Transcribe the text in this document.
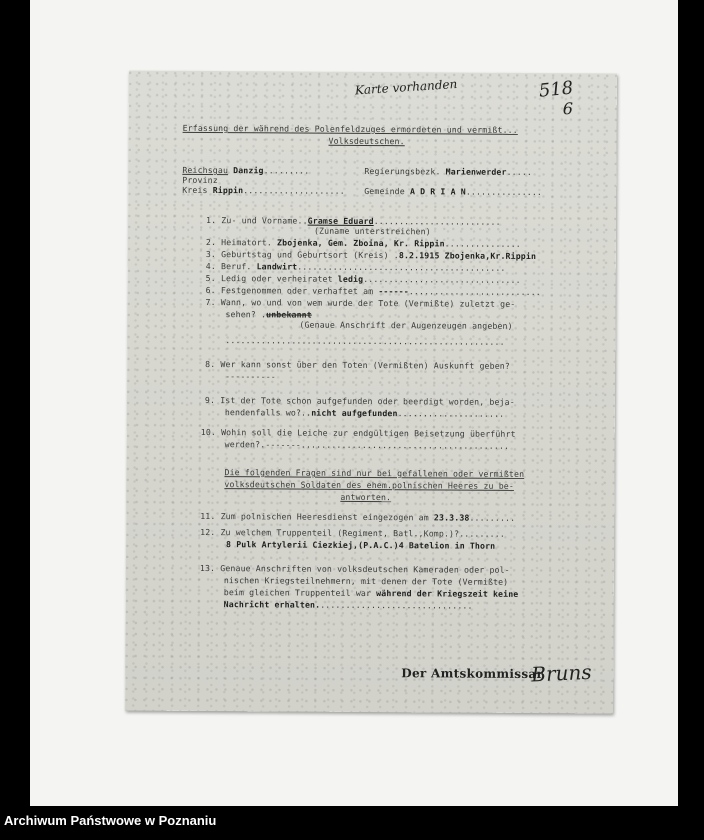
Karte vorhanden	518
6
Erfassung der während des Polenfeldzuges ermordeten und vermißt...
Volksdeutschen.
Reichsgau Danzig.........	Regierungsbezk. Marienwerder.....
Provinz
Kreis Rippin.................... Gemeinde A D R I A N...............
1. Zu- und Vorname..Gramse Eduard.........................
(Zuname unterstreichen)
2. Heimatort. Zbojenka, Gem. Zboina, Kr. Rippin...............
3. Geburtstag und Geburtsort (Kreis) .8.2.1915 Zbojenka,Kr.Rippin
4. Beruf. Landwirt.........................................
5. Ledig oder verheiratet ledig...............................
6. Festgenommen oder verhaftet am ------..........................
7. Wann, wo und von wem wurde der Tote (Vermißte) zuletzt ge-
sehen? .unbekannt
(Genaue Anschrift der Augenzeugen angeben)
.......................................................
8. Wer kann sonst über den Toten (Vermißten) Auskunft geben?
----------
9. Ist der Tote schon aufgefunden oder beerdigt worden, beja-
hendenfalls wo?..nicht aufgefunden.....................
10. Wohin soll die Leiche zur endgültigen Beisetzung überführt
werden?.-------.........................................
Die folgenden Fragen sind nur bei gefallenen oder vermißten
volksdeutschen Soldaten des ehem.polnischen Heeres zu be-
antworten.
11. Zum polnischen Heeresdienst eingezogen am 23.3.38.........
12. Zu welchem Truppenteil (Regiment, Batl.,Komp.)?.........
8 Pulk Artylerii Ciezkiej,(P.A.C.)4 Batelion in Thorn
13. Genaue Anschriften von volksdeutschen Kameraden oder pol-
nischen Kriegsteilnehmern, mit denen der Tote (Vermißte)
beim gleichen Truppenteil war während der Kriegszeit keine
Nachricht erhalten...............................
Der Amtskommissar
Bruns
Archiwum Państwowe w Poznaniu
